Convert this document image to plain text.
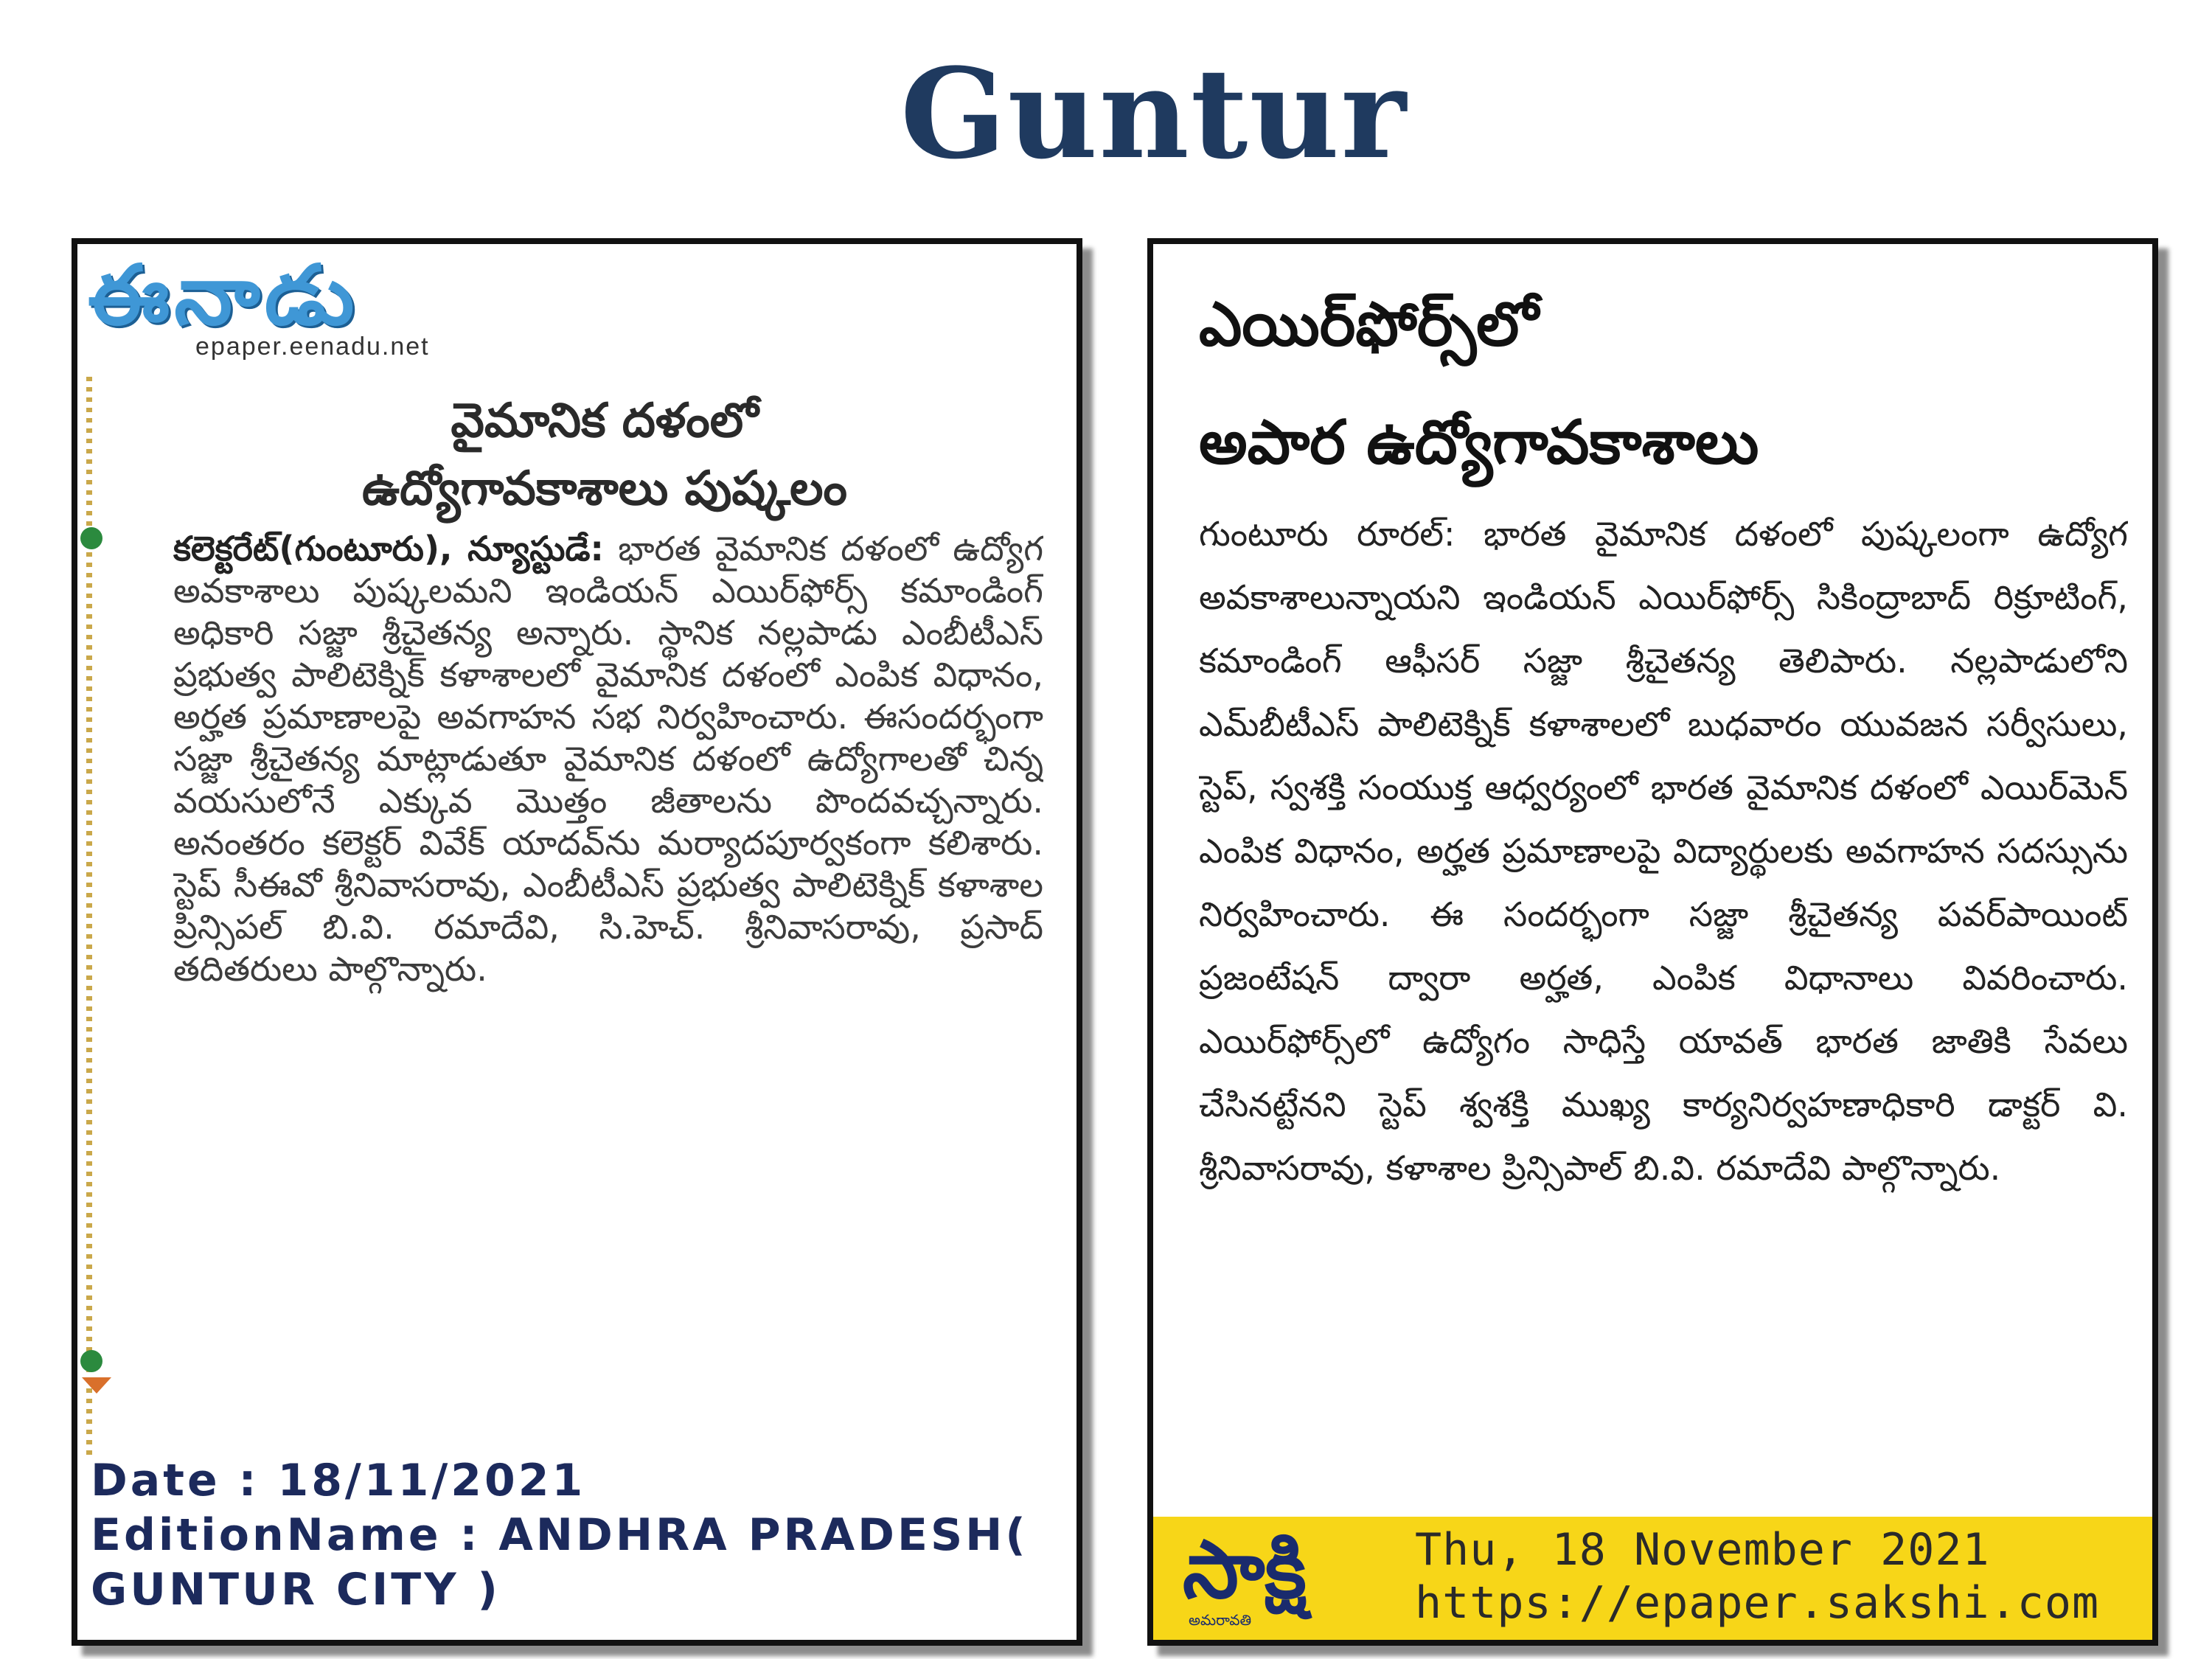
Guntur
ఈనాడు
epaper.eenadu.net
వైమానిక దళంలో
ఉద్యోగావకాశాలు పుష్కలం
కలెక్టరేట్(గుంటూరు), న్యూస్టుడే: భారత వైమానిక దళంలో ఉద్యోగ అవకాశాలు పుష్కలమని ఇండియన్ ఎయిర్‌ఫోర్స్ కమాండింగ్ అధికారి సజ్జా శ్రీచైతన్య అన్నారు. స్థానిక నల్లపాడు ఎంబీటీఎస్ ప్రభుత్వ పాలిటెక్నిక్ కళాశాలలో వైమానిక దళంలో ఎంపిక విధానం, అర్హత ప్రమాణాలపై అవగాహన సభ నిర్వహించారు. ఈసందర్భంగా సజ్జా శ్రీచైతన్య మాట్లాడుతూ వైమానిక దళంలో ఉద్యోగాలతో చిన్న వయసులోనే ఎక్కువ మొత్తం జీతాలను పొందవచ్చన్నారు. అనంతరం కలెక్టర్ వివేక్ యాదవ్‌ను మర్యాదపూర్వకంగా కలిశారు. స్టెప్ సీఈవో శ్రీనివాసరావు, ఎంబీటీఎస్ ప్రభుత్వ పాలిటెక్నిక్ కళాశాల ప్రిన్సిపల్ బి.వి. రమాదేవి, సి.హెచ్. శ్రీనివాసరావు, ప్రసాద్ తదితరులు పాల్గొన్నారు.
Date : 18/11/2021
EditionName : ANDHRA PRADESH( GUNTUR CITY )
ఎయిర్‌ఫోర్స్‌లో
అపార ఉద్యోగావకాశాలు
గుంటూరు రూరల్: భారత వైమానిక దళంలో పుష్కలంగా ఉద్యోగ అవకాశాలున్నాయని ఇండియన్ ఎయిర్‌ఫోర్స్ సికింద్రాబాద్ రిక్రూటింగ్, కమాండింగ్ ఆఫీసర్ సజ్జా శ్రీచైతన్య తెలిపారు. నల్లపాడులోని ఎమ్‌బీటీఎస్ పాలిటెక్నిక్ కళాశాలలో బుధవారం యువజన సర్వీసులు, స్టెప్, స్వశక్తి సంయుక్త ఆధ్వర్యంలో భారత వైమానిక దళంలో ఎయిర్‌మెన్ ఎంపిక విధానం, అర్హత ప్రమాణాలపై విద్యార్థులకు అవగాహన సదస్సును నిర్వహించారు. ఈ సందర్భంగా సజ్జా శ్రీచైతన్య పవర్‌పాయింట్ ప్రజంటేషన్ ద్వారా అర్హత, ఎంపిక విధానాలు వివరించారు. ఎయిర్‌ఫోర్స్‌లో ఉద్యోగం సాధిస్తే యావత్ భారత జాతికి సేవలు చేసినట్టేనని స్టెప్ శ్వశక్తి ముఖ్య కార్యనిర్వహణాధికారి డాక్టర్ వి. శ్రీనివాసరావు, కళాశాల ప్రిన్సిపాల్ బి.వి. రమాదేవి పాల్గొన్నారు.
సాక్షి
అమరావతి
Thu, 18 November 2021
https://epaper.sakshi.com
